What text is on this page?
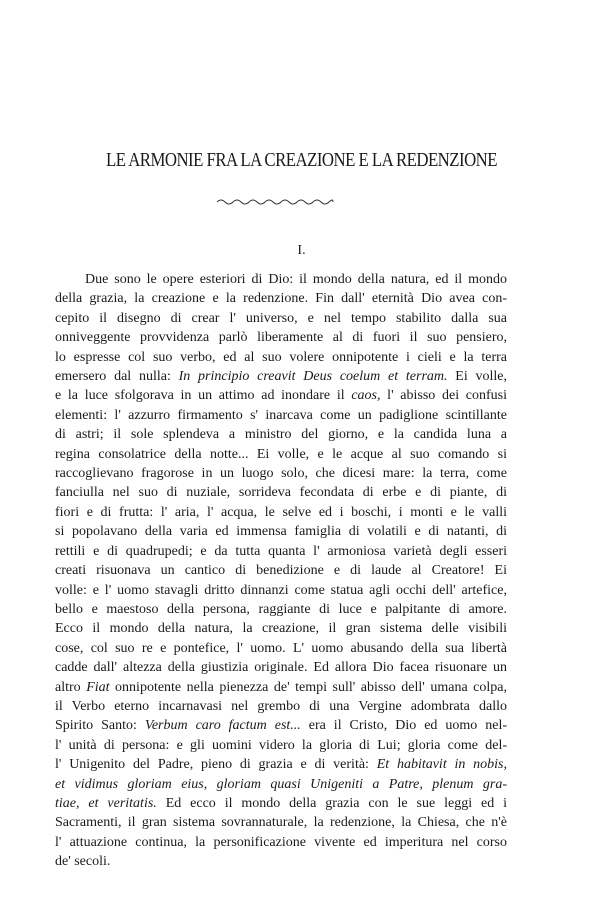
LE ARMONIE FRA LA CREAZIONE E LA REDENZIONE
I.
Due sono le opere esteriori di Dio: il mondo della natura, ed il mondo
della grazia, la creazione e la redenzione. Fin dall' eternità Dio avea con-
cepito il disegno di crear l' universo, e nel tempo stabilito dalla sua
onniveggente provvidenza parlò liberamente al di fuori il suo pensiero,
lo espresse col suo verbo, ed al suo volere onnipotente i cieli e la terra
emersero dal nulla: In principio creavit Deus coelum et terram. Ei volle,
e la luce sfolgorava in un attimo ad inondare il caos, l' abisso dei confusi
elementi: l' azzurro firmamento s' inarcava come un padiglione scintillante
di astri; il sole splendeva a ministro del giorno, e la candida luna a
regina consolatrice della notte... Ei volle, e le acque al suo comando si
raccoglievano fragorose in un luogo solo, che dicesi mare: la terra, come
fanciulla nel suo di nuziale, sorrideva fecondata di erbe e di piante, di
fiori e di frutta: l' aria, l' acqua, le selve ed i boschi, i monti e le valli
si popolavano della varia ed immensa famiglia di volatili e di natanti, di
rettili e di quadrupedi; e da tutta quanta l' armoniosa varietà degli esseri
creati risuonava un cantico di benedizione e di laude al Creatore! Ei
volle: e l' uomo stavagli dritto dinnanzi come statua agli occhi dell' artefice,
bello e maestoso della persona, raggiante di luce e palpitante di amore.
Ecco il mondo della natura, la creazione, il gran sistema delle visibili
cose, col suo re e pontefice, l' uomo. L' uomo abusando della sua libertà
cadde dall' altezza della giustizia originale. Ed allora Dio facea risuonare un
altro Fiat onnipotente nella pienezza de' tempi sull' abisso dell' umana colpa,
il Verbo eterno incarnavasi nel grembo di una Vergine adombrata dallo
Spirito Santo: Verbum caro factum est... era il Cristo, Dio ed uomo nel-
l' unità di persona: e gli uomini videro la gloria di Lui; gloria come del-
l' Unigenito del Padre, pieno di grazia e di verità: Et habitavit in nobis,
et vidimus gloriam eius, gloriam quasi Unigeniti a Patre, plenum gra-
tiae, et veritatis. Ed ecco il mondo della grazia con le sue leggi ed i
Sacramenti, il gran sistema sovrannaturale, la redenzione, la Chiesa, che n'è
l' attuazione continua, la personificazione vivente ed imperitura nel corso
de' secoli.
